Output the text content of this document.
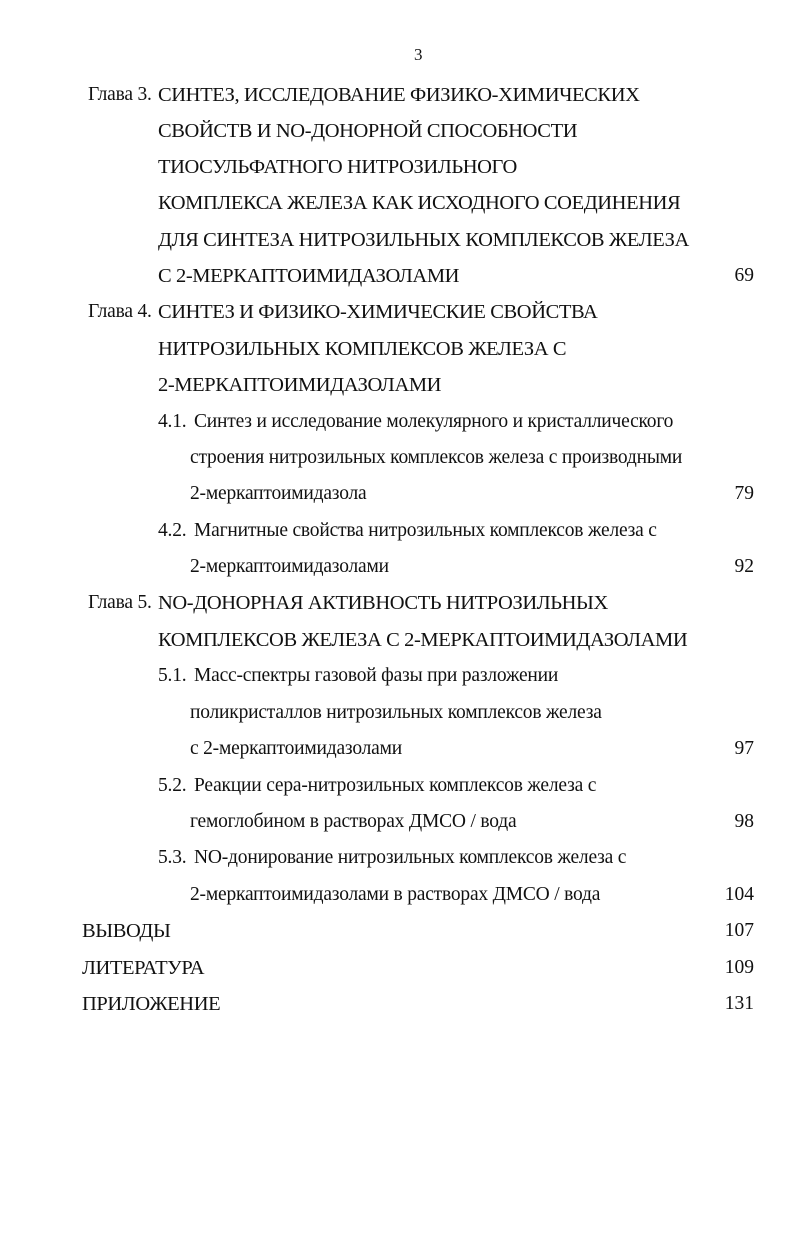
3
Глава 3. СИНТЕЗ, ИССЛЕДОВАНИЕ ФИЗИКО-ХИМИЧЕСКИХ
СВОЙСТВ И NO-ДОНОРНОЙ СПОСОБНОСТИ
ТИОСУЛЬФАТНОГО НИТРОЗИЛЬНОГО
КОМПЛЕКСА ЖЕЛЕЗА КАК ИСХОДНОГО СОЕДИНЕНИЯ
ДЛЯ СИНТЕЗА НИТРОЗИЛЬНЫХ КОМПЛЕКСОВ ЖЕЛЕЗА
С 2-МЕРКАПТОИМИДАЗОЛАМИ	69
Глава 4. СИНТЕЗ И ФИЗИКО-ХИМИЧЕСКИЕ СВОЙСТВА
НИТРОЗИЛЬНЫХ КОМПЛЕКСОВ ЖЕЛЕЗА С
2-МЕРКАПТОИМИДАЗОЛАМИ
4.1. Синтез и исследование молекулярного и кристаллического
строения нитрозильных комплексов железа с производными
2-меркаптоимидазола	79
4.2. Магнитные свойства нитрозильных комплексов железа с
2-меркаптоимидазолами	92
Глава 5. NO-ДОНОРНАЯ АКТИВНОСТЬ НИТРОЗИЛЬНЫХ
КОМПЛЕКСОВ ЖЕЛЕЗА С 2-МЕРКАПТОИМИДАЗОЛАМИ
5.1. Масс-спектры газовой фазы при разложении
поликристаллов нитрозильных комплексов железа
с 2-меркаптоимидазолами	97
5.2. Реакции сера-нитрозильных комплексов железа с
гемоглобином в растворах ДМСО / вода	98
5.3. NO-донирование нитрозильных комплексов железа с
2-меркаптоимидазолами в растворах ДМСО / вода	104
ВЫВОДЫ	107
ЛИТЕРАТУРА	109
ПРИЛОЖЕНИЕ	131
